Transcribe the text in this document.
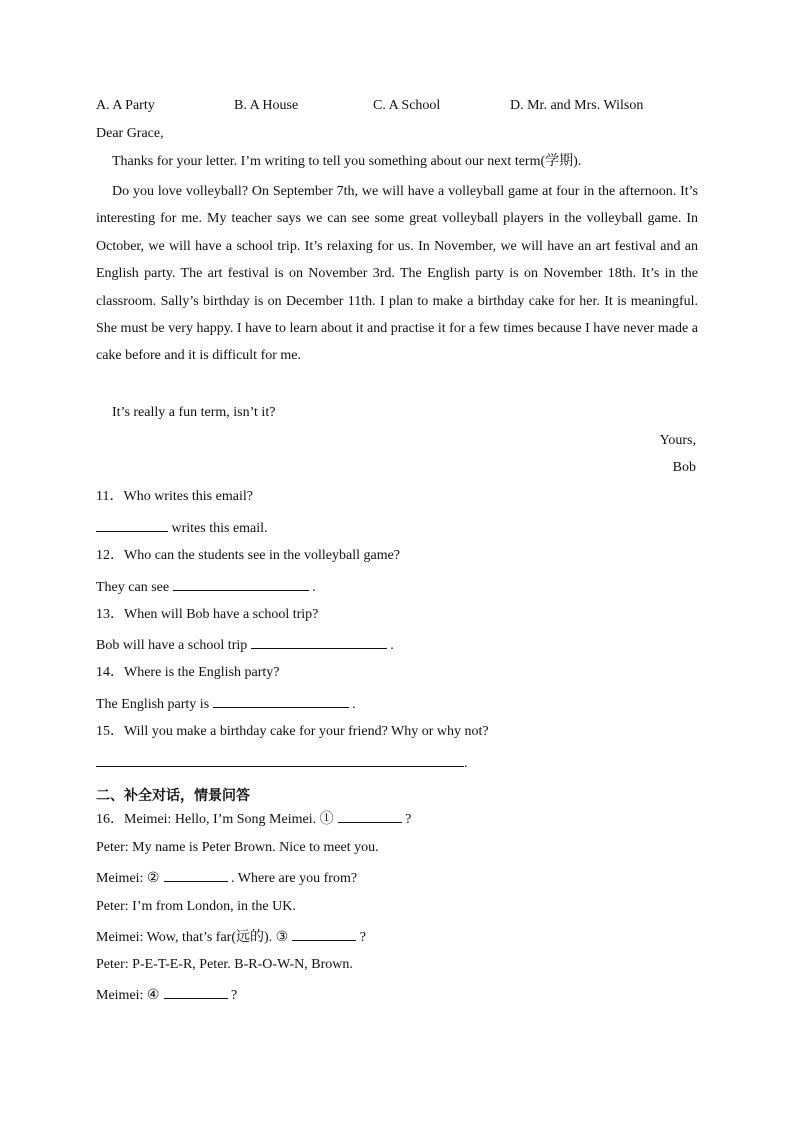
A. A Party	B. A House	C. A School	D. Mr. and Mrs. Wilson
Dear Grace,
Thanks for your letter. I’m writing to tell you something about our next term(学期).
Do you love volleyball? On September 7th, we will have a volleyball game at four in the afternoon. It’s interesting for me. My teacher says we can see some great volleyball players in the volleyball game. In October, we will have a school trip. It’s relaxing for us. In November, we will have an art festival and an English party. The art festival is on November 3rd. The English party is on November 18th. It’s in the classroom. Sally’s birthday is on December 11th. I plan to make a birthday cake for her. It is meaningful. She must be very happy. I have to learn about it and practise it for a few times because I have never made a cake before and it is difficult for me.
It’s really a fun term, isn’t it?
Yours,
Bob
11．Who writes this email?
writes this email.
12．Who can the students see in the volleyball game?
They can see	.
13．When will Bob have a school trip?
Bob will have a school trip	.
14．Where is the English party?
The English party is	.
15．Will you make a birthday cake for your friend? Why or why not?
.
二、补全对话，情景问答
16．Meimei: Hello, I’m Song Meimei. ①	?
Peter: My name is Peter Brown. Nice to meet you.
Meimei: ②	. Where are you from?
Peter: I’m from London, in the UK.
Meimei: Wow, that’s far(远的). ③	?
Peter: P-E-T-E-R, Peter. B-R-O-W-N, Brown.
Meimei: ④	?
